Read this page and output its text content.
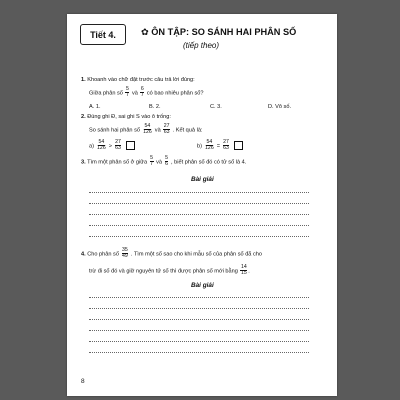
Tiết 4.	✿ ÔN TẬP: SO SÁNH HAI PHÂN SỐ
(tiếp theo)
1. Khoanh vào chữ đặt trước câu trả lời đúng:
Giữa phân số $\frac{5}{7}$ và $\frac{6}{7}$ có bao nhiêu phân số?
A. 1.	B. 2.	C. 3.	D. Vô số.
2. Đúng ghi Đ, sai ghi S vào ô trống:
So sánh hai phân số $\frac{54}{126}$ và $\frac{27}{63}$ . Kết quả là:
$a) \frac{54}{126} > \frac{27}{63}$
	$b) \frac{54}{126} = \frac{27}{63}$

3. Tìm một phân số ở giữa $\frac{5}{7}$ và $\frac{5}{6}$ , biết phân số đó có tử số là 4.
Bài giải
4. Cho phân số $\frac{35}{49}$ . Tìm một số sao cho khi mẫu số của phân số đã cho
trừ đi số đó và giữ nguyên tử số thì được phân số mới bằng $\frac{14}{15}$ .
Bài giải
8
